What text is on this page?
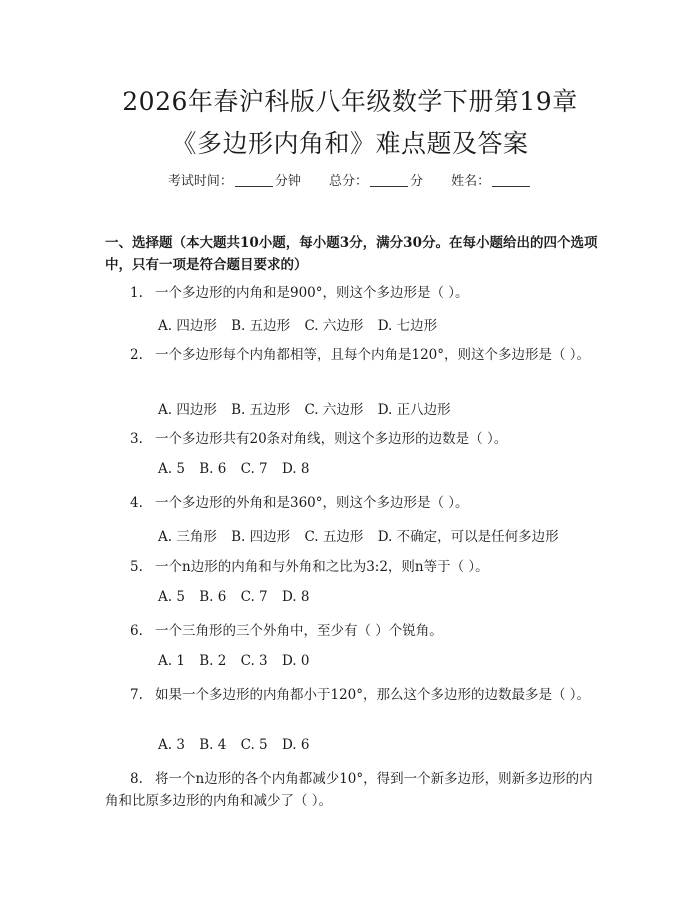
2026年春沪科版八年级数学下册第19章
《多边形内角和》难点题及答案
考试时间：	分钟 总分：	分 姓名：
一、选择题（本大题共10小题，每小题3分，满分30分。在每小题给出的四个选项中，只有一项是符合题目要求的）
1. 一个多边形的内角和是900°，则这个多边形是（ ）。
A. 四边形 B. 五边形 C. 六边形 D. 七边形
2. 一个多边形每个内角都相等，且每个内角是120°，则这个多边形是（ ）。
A. 四边形 B. 五边形 C. 六边形 D. 正八边形
3. 一个多边形共有20条对角线，则这个多边形的边数是（ ）。
A. 5 B. 6 C. 7 D. 8
4. 一个多边形的外角和是360°，则这个多边形是（ ）。
A. 三角形 B. 四边形 C. 五边形 D. 不确定，可以是任何多边形
5. 一个n边形的内角和与外角和之比为3:2，则n等于（ ）。
A. 5 B. 6 C. 7 D. 8
6. 一个三角形的三个外角中，至少有（ ）个锐角。
A. 1 B. 2 C. 3 D. 0
7. 如果一个多边形的内角都小于120°，那么这个多边形的边数最多是（ ）。
A. 3 B. 4 C. 5 D. 6
8. 将一个n边形的各个内角都减少10°，得到一个新多边形，则新多边形的内角和比原多边形的内角和减少了（ ）。
